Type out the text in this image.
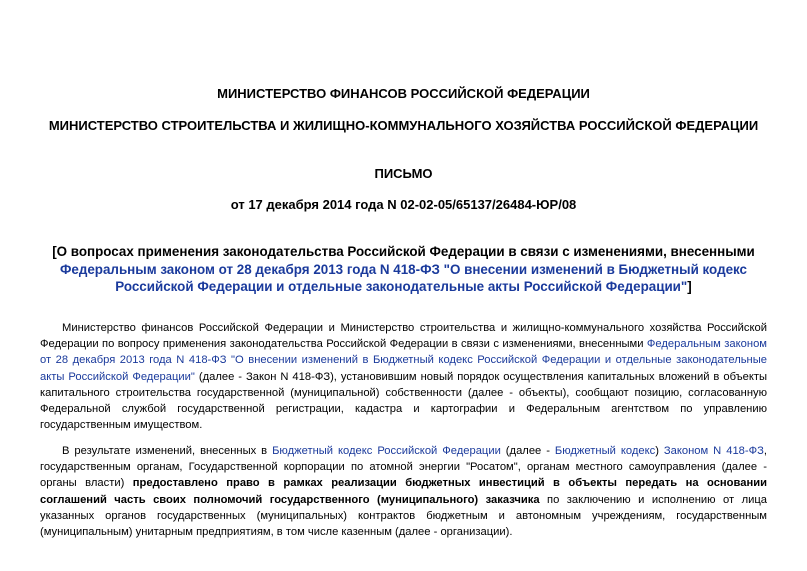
МИНИСТЕРСТВО ФИНАНСОВ РОССИЙСКОЙ ФЕДЕРАЦИИ
МИНИСТЕРСТВО СТРОИТЕЛЬСТВА И ЖИЛИЩНО-КОММУНАЛЬНОГО ХОЗЯЙСТВА РОССИЙСКОЙ ФЕДЕРАЦИИ
ПИСЬМО
от 17 декабря 2014 года N 02-02-05/65137/26484-ЮР/08
[О вопросах применения законодательства Российской Федерации в связи с изменениями, внесенными Федеральным законом от 28 декабря 2013 года N 418-ФЗ "О внесении изменений в Бюджетный кодекс Российской Федерации и отдельные законодательные акты Российской Федерации"]
Министерство финансов Российской Федерации и Министерство строительства и жилищно-коммунального хозяйства Российской Федерации по вопросу применения законодательства Российской Федерации в связи с изменениями, внесенными Федеральным законом от 28 декабря 2013 года N 418-ФЗ "О внесении изменений в Бюджетный кодекс Российской Федерации и отдельные законодательные акты Российской Федерации" (далее - Закон N 418-ФЗ), установившим новый порядок осуществления капитальных вложений в объекты капитального строительства государственной (муниципальной) собственности (далее - объекты), сообщают позицию, согласованную Федеральной службой государственной регистрации, кадастра и картографии и Федеральным агентством по управлению государственным имуществом.
В результате изменений, внесенных в Бюджетный кодекс Российской Федерации (далее - Бюджетный кодекс) Законом N 418-ФЗ, государственным органам, Государственной корпорации по атомной энергии "Росатом", органам местного самоуправления (далее - органы власти) предоставлено право в рамках реализации бюджетных инвестиций в объекты передать на основании соглашений часть своих полномочий государственного (муниципального) заказчика по заключению и исполнению от лица указанных органов государственных (муниципальных) контрактов бюджетным и автономным учреждениям, государственным (муниципальным) унитарным предприятиям, в том числе казенным (далее - организации).
